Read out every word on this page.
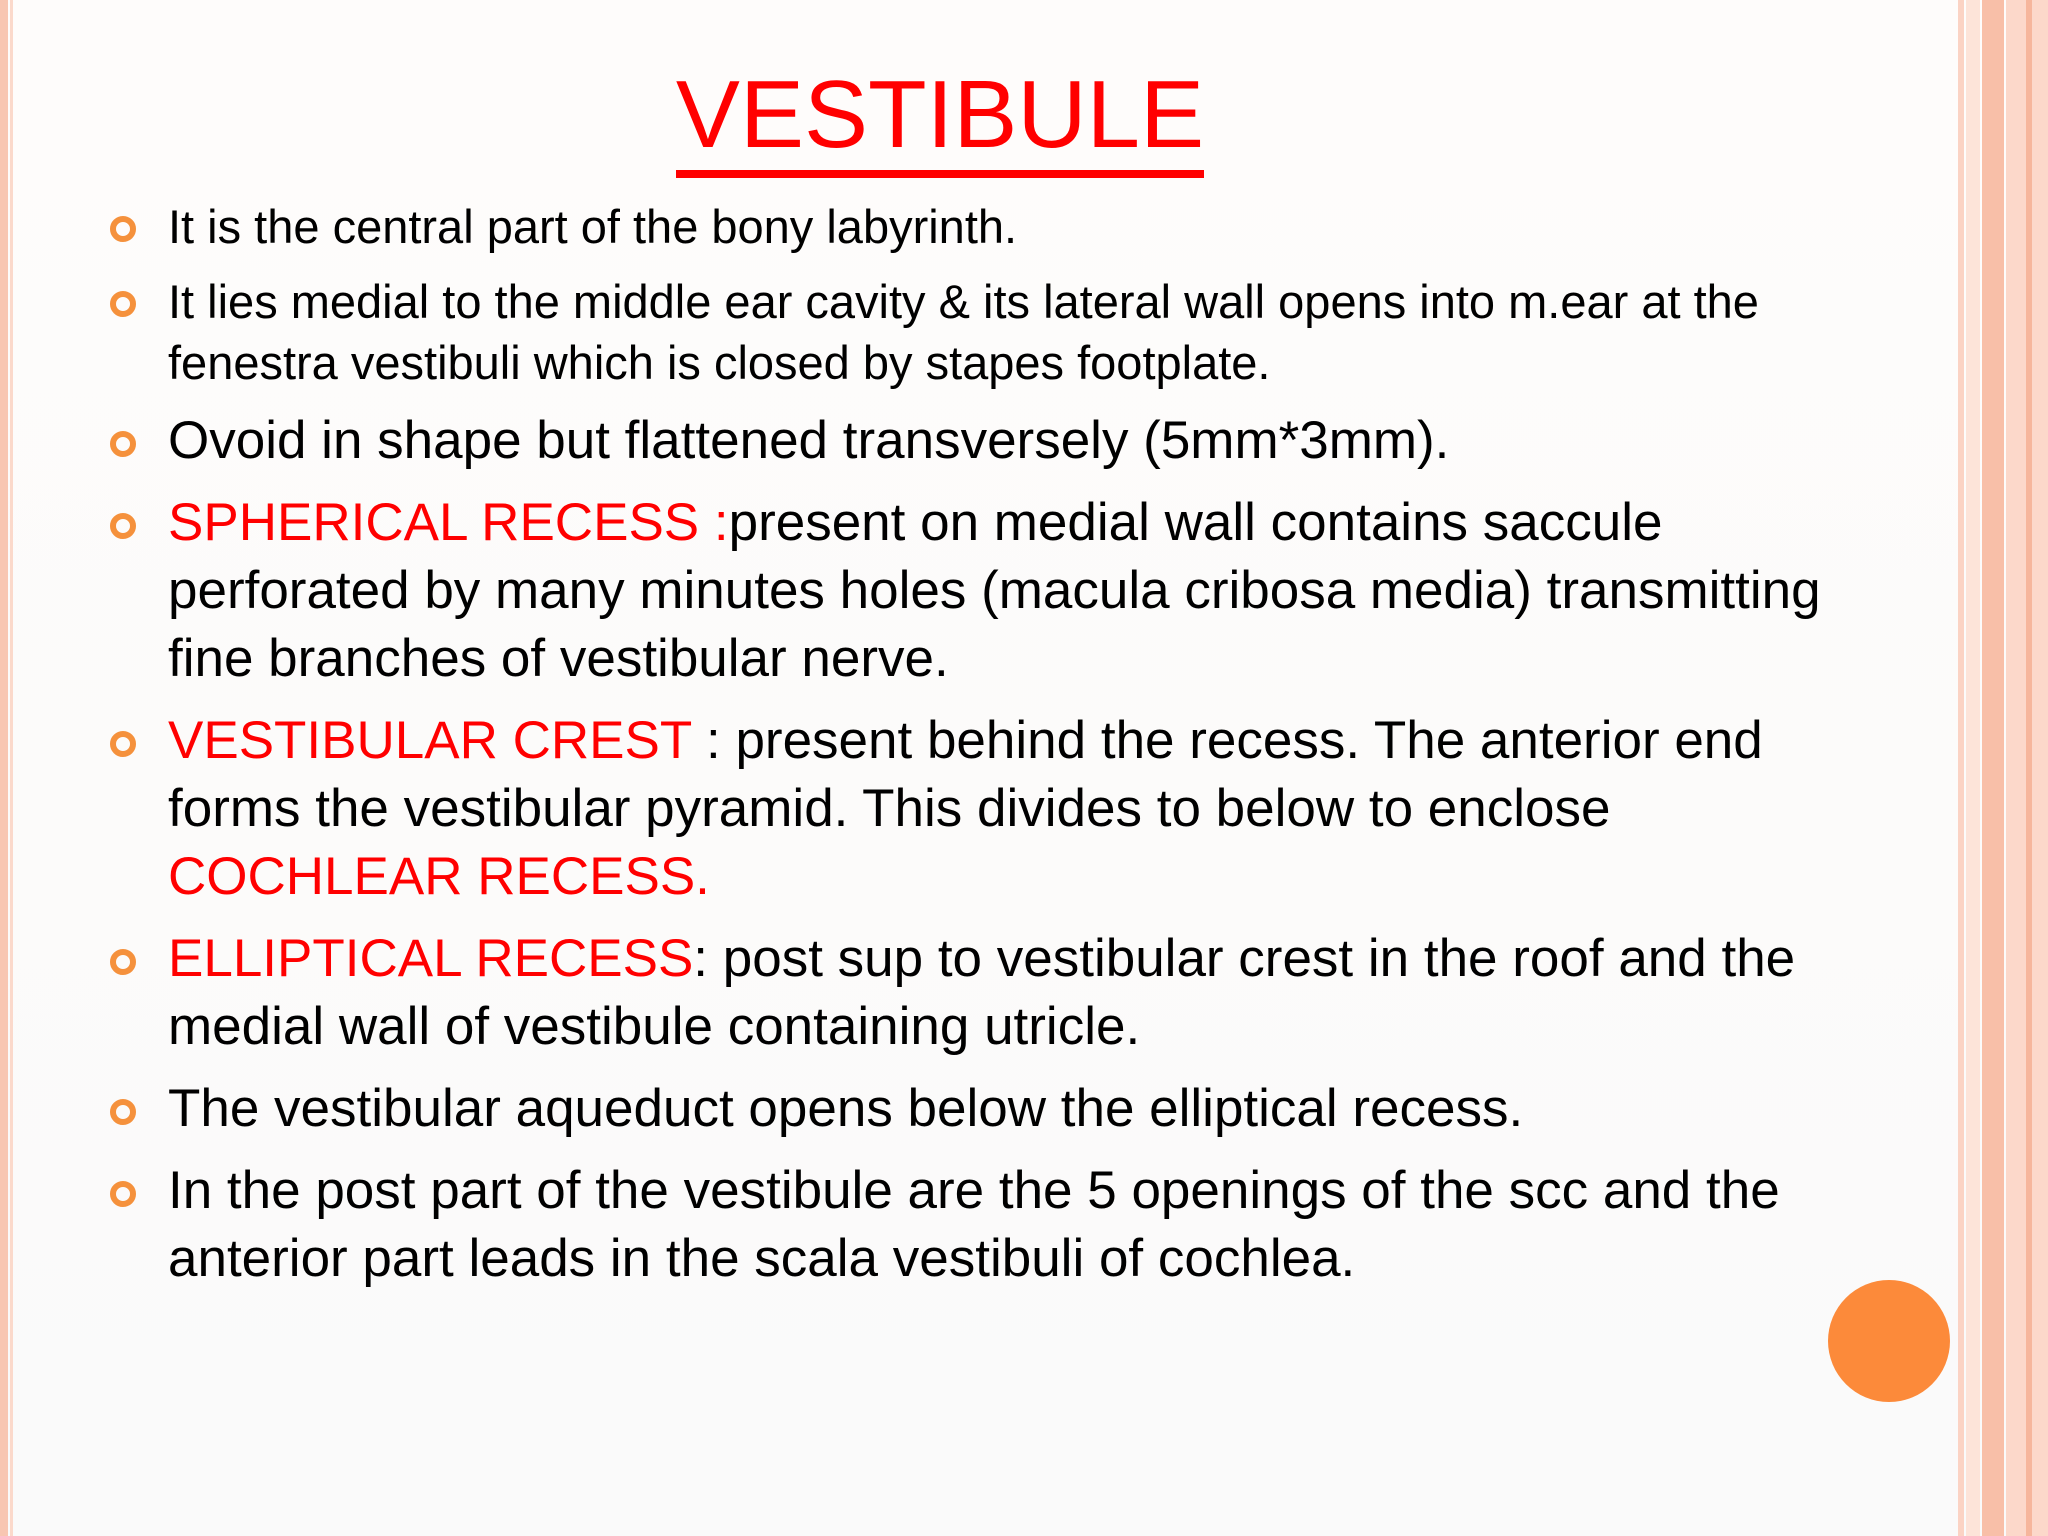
VESTIBULE
It is the central part of the bony labyrinth.
It lies medial to the middle ear cavity & its lateral wall opens into m.ear at the fenestra vestibuli which is closed by stapes footplate.
Ovoid in shape but flattened transversely (5mm*3mm).
SPHERICAL RECESS :present on medial wall contains saccule perforated by many minutes holes (macula cribosa media) transmitting fine branches of vestibular nerve.
VESTIBULAR CREST : present behind the recess. The anterior end forms the vestibular pyramid. This divides to below to enclose COCHLEAR RECESS.
ELLIPTICAL RECESS: post sup to vestibular crest in the roof and the medial wall of vestibule containing utricle.
The vestibular aqueduct opens below the elliptical recess.
In the post part of the vestibule are the 5 openings of the scc and the anterior part leads in the scala vestibuli of cochlea.
